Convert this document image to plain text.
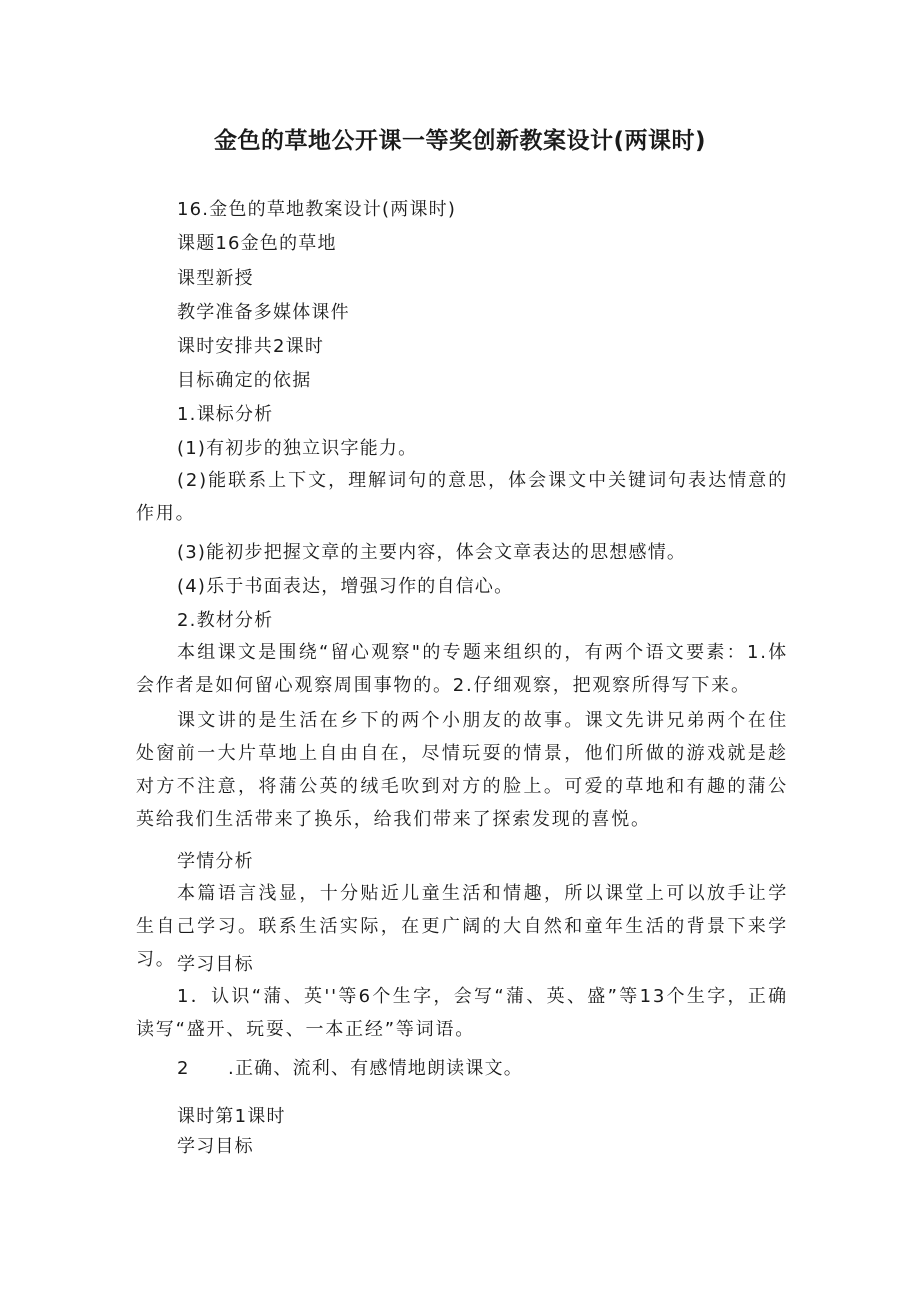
金色的草地公开课一等奖创新教案设计(两课时)
16.金色的草地教案设计(两课时)
课题16金色的草地
课型新授
教学准备多媒体课件
课时安排共2课时
目标确定的依据
1.课标分析
(1)有初步的独立识字能力。
(2)能联系上下文，理解词句的意思，体会课文中关键词句表达情意的作用。
(3)能初步把握文章的主要内容，体会文章表达的思想感情。
(4)乐于书面表达，增强习作的自信心。
2.教材分析
本组课文是围绕“留心观察"的专题来组织的，有两个语文要素：1.体会作者是如何留心观察周围事物的。2.仔细观察，把观察所得写下来。
课文讲的是生活在乡下的两个小朋友的故事。课文先讲兄弟两个在住处窗前一大片草地上自由自在，尽情玩耍的情景，他们所做的游戏就是趁对方不注意，将蒲公英的绒毛吹到对方的脸上。可爱的草地和有趣的蒲公英给我们生活带来了换乐，给我们带来了探索发现的喜悦。
学情分析
本篇语言浅显，十分贴近儿童生活和情趣，所以课堂上可以放手让学生自己学习。联系生活实际，在更广阔的大自然和童年生活的背景下来学习。 学习目标
1．认识“蒲、英''等6个生字，会写“蒲、英、盛”等13个生字，正确读写“盛开、玩耍、一本正经”等词语。
2　　.正确、流利、有感情地朗读课文。
课时第1课时
学习目标
